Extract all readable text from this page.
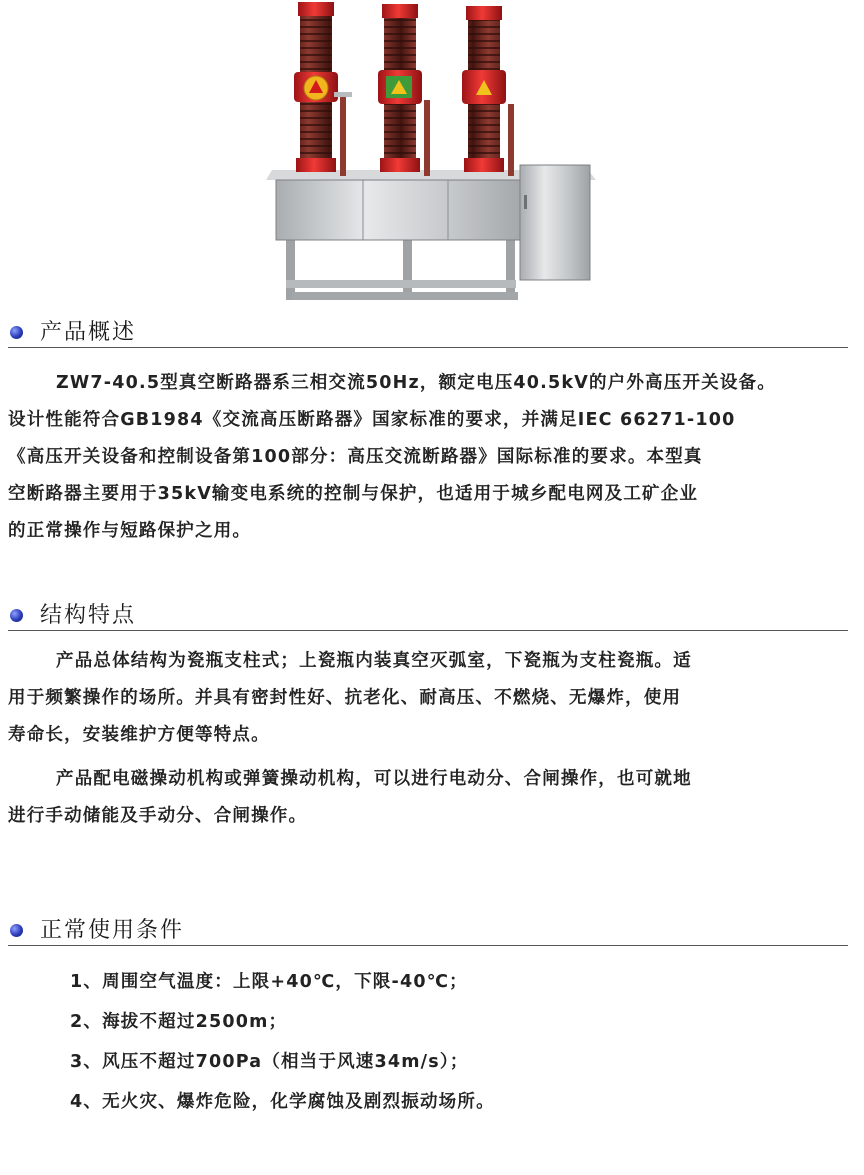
产品概述
ZW7-40.5型真空断路器系三相交流50Hz，额定电压40.5kV的户外高压开关设备。
设计性能符合GB1984《交流高压断路器》国家标准的要求，并满足IEC 66271-100
《高压开关设备和控制设备第100部分：高压交流断路器》国际标准的要求。本型真
空断路器主要用于35kV输变电系统的控制与保护，也适用于城乡配电网及工矿企业
的正常操作与短路保护之用。
结构特点
产品总体结构为瓷瓶支柱式；上瓷瓶内装真空灭弧室，下瓷瓶为支柱瓷瓶。适
用于频繁操作的场所。并具有密封性好、抗老化、耐高压、不燃烧、无爆炸，使用
寿命长，安装维护方便等特点。
产品配电磁操动机构或弹簧操动机构，可以进行电动分、合闸操作，也可就地
进行手动储能及手动分、合闸操作。
正常使用条件
1、周围空气温度：上限+40℃，下限-40℃；
2、海拔不超过2500m；
3、风压不超过700Pa（相当于风速34m/s）；
4、无火灾、爆炸危险，化学腐蚀及剧烈振动场所。
